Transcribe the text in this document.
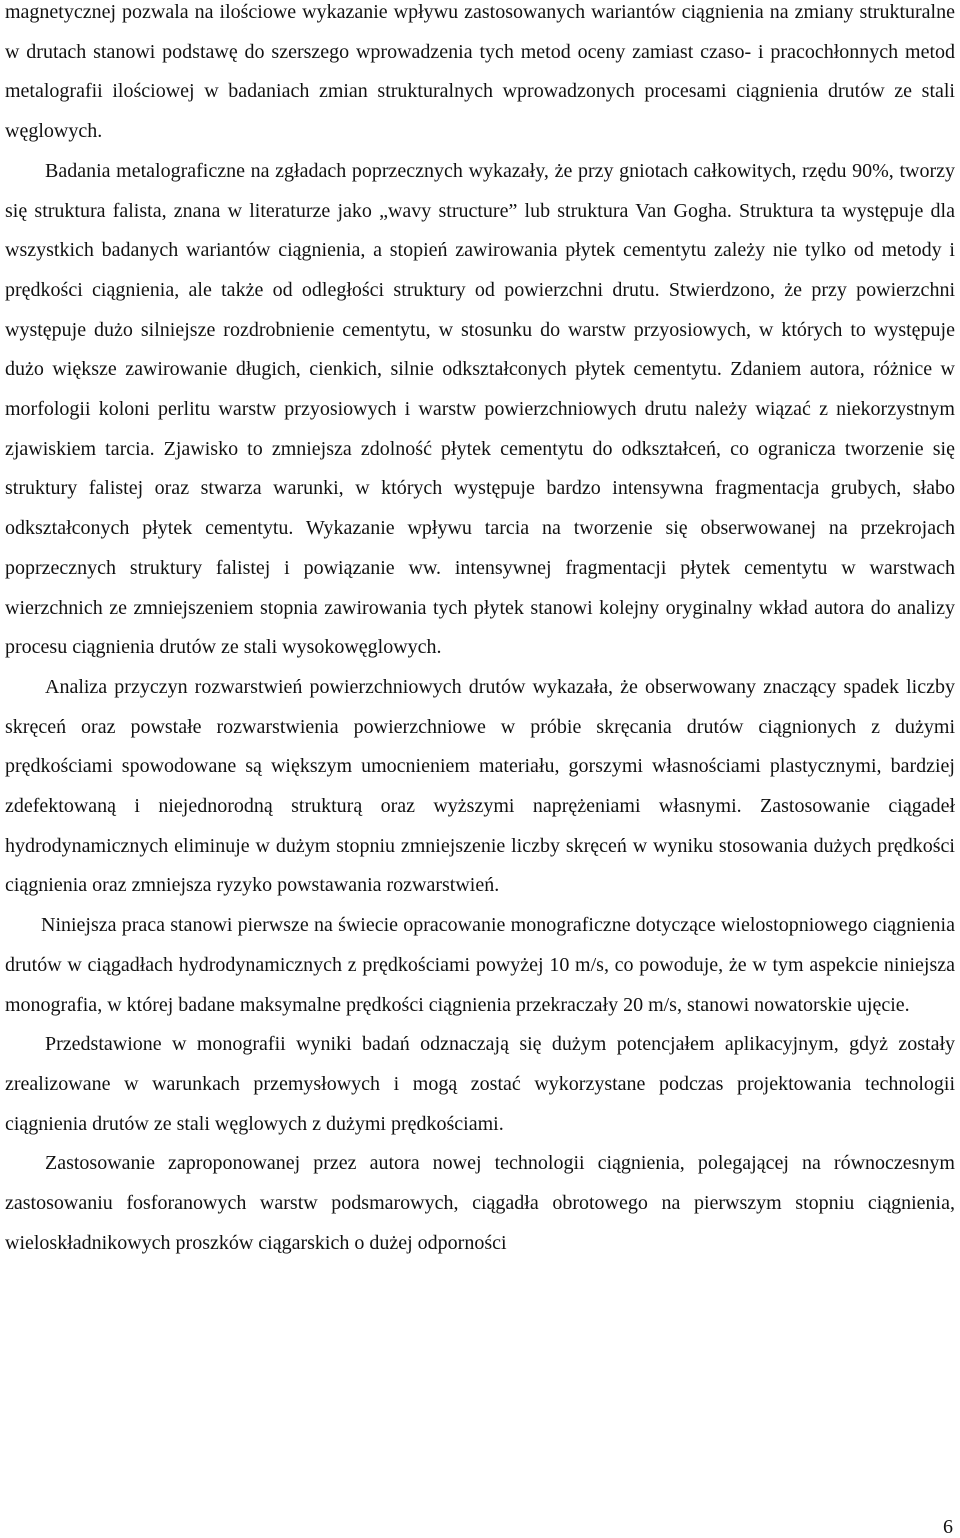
magnetycznej pozwala na ilościowe wykazanie wpływu zastosowanych wariantów ciągnienia na zmiany strukturalne w drutach stanowi podstawę do szerszego wprowadzenia tych metod oceny zamiast czaso- i pracochłonnych metod metalografii ilościowej w badaniach zmian strukturalnych wprowadzonych procesami ciągnienia drutów ze stali węglowych.

Badania metalograficzne na zgładach poprzecznych wykazały, że przy gniotach całkowitych, rzędu 90%, tworzy się struktura falista, znana w literaturze jako „wavy structure” lub struktura Van Gogha. Struktura ta występuje dla wszystkich badanych wariantów ciągnienia, a stopień zawirowania płytek cementytu zależy nie tylko od metody i prędkości ciągnienia, ale także od odległości struktury od powierzchni drutu. Stwierdzono, że przy powierzchni występuje dużo silniejsze rozdrobnienie cementytu, w stosunku do warstw przyosiowych, w których to występuje dużo większe zawirowanie długich, cienkich, silnie odkształconych płytek cementytu. Zdaniem autora, różnice w morfologii koloni perlitu warstw przyosiowych i warstw powierzchniowych drutu należy wiązać z niekorzystnym zjawiskiem tarcia. Zjawisko to zmniejsza zdolność płytek cementytu do odkształceń, co ogranicza tworzenie się struktury falistej oraz stwarza warunki, w których występuje bardzo intensywna fragmentacja grubych, słabo odkształconych płytek cementytu. Wykazanie wpływu tarcia na tworzenie się obserwowanej na przekrojach poprzecznych struktury falistej i powiązanie ww. intensywnej fragmentacji płytek cementytu w warstwach wierzchnich ze zmniejszeniem stopnia zawirowania tych płytek stanowi kolejny oryginalny wkład autora do analizy procesu ciągnienia drutów ze stali wysokowęglowych.

Analiza przyczyn rozwarstwień powierzchniowych drutów wykazała, że obserwowany znaczący spadek liczby skręceń oraz powstałe rozwarstwienia powierzchniowe w próbie skręcania drutów ciągnionych z dużymi prędkościami spowodowane są większym umocnieniem materiału, gorszymi własnościami plastycznymi, bardziej zdefektowaną i niejednorodną strukturą oraz wyższymi naprężeniami własnymi. Zastosowanie ciągadeł hydrodynamicznych eliminuje w dużym stopniu zmniejszenie liczby skręceń w wyniku stosowania dużych prędkości ciągnienia oraz zmniejsza ryzyko powstawania rozwarstwień.

Niniejsza praca stanowi pierwsze na świecie opracowanie monograficzne dotyczące wielostopniowego ciągnienia drutów w ciągadłach hydrodynamicznych z prędkościami powyżej 10 m/s, co powoduje, że w tym aspekcie niniejsza monografia, w której badane maksymalne prędkości ciągnienia przekraczały 20 m/s, stanowi nowatorskie ujęcie.

Przedstawione w monografii wyniki badań odznaczają się dużym potencjałem aplikacyjnym, gdyż zostały zrealizowane w warunkach przemysłowych i mogą zostać wykorzystane podczas projektowania technologii ciągnienia drutów ze stali węglowych z dużymi prędkościami.

Zastosowanie zaproponowanej przez autora nowej technologii ciągnienia, polegającej na równoczesnym zastosowaniu fosforanowych warstw podsmarowych, ciągadła obrotowego na pierwszym stopniu ciągnienia, wieloskładnikowych proszków ciągarskich o dużej odporności

6
